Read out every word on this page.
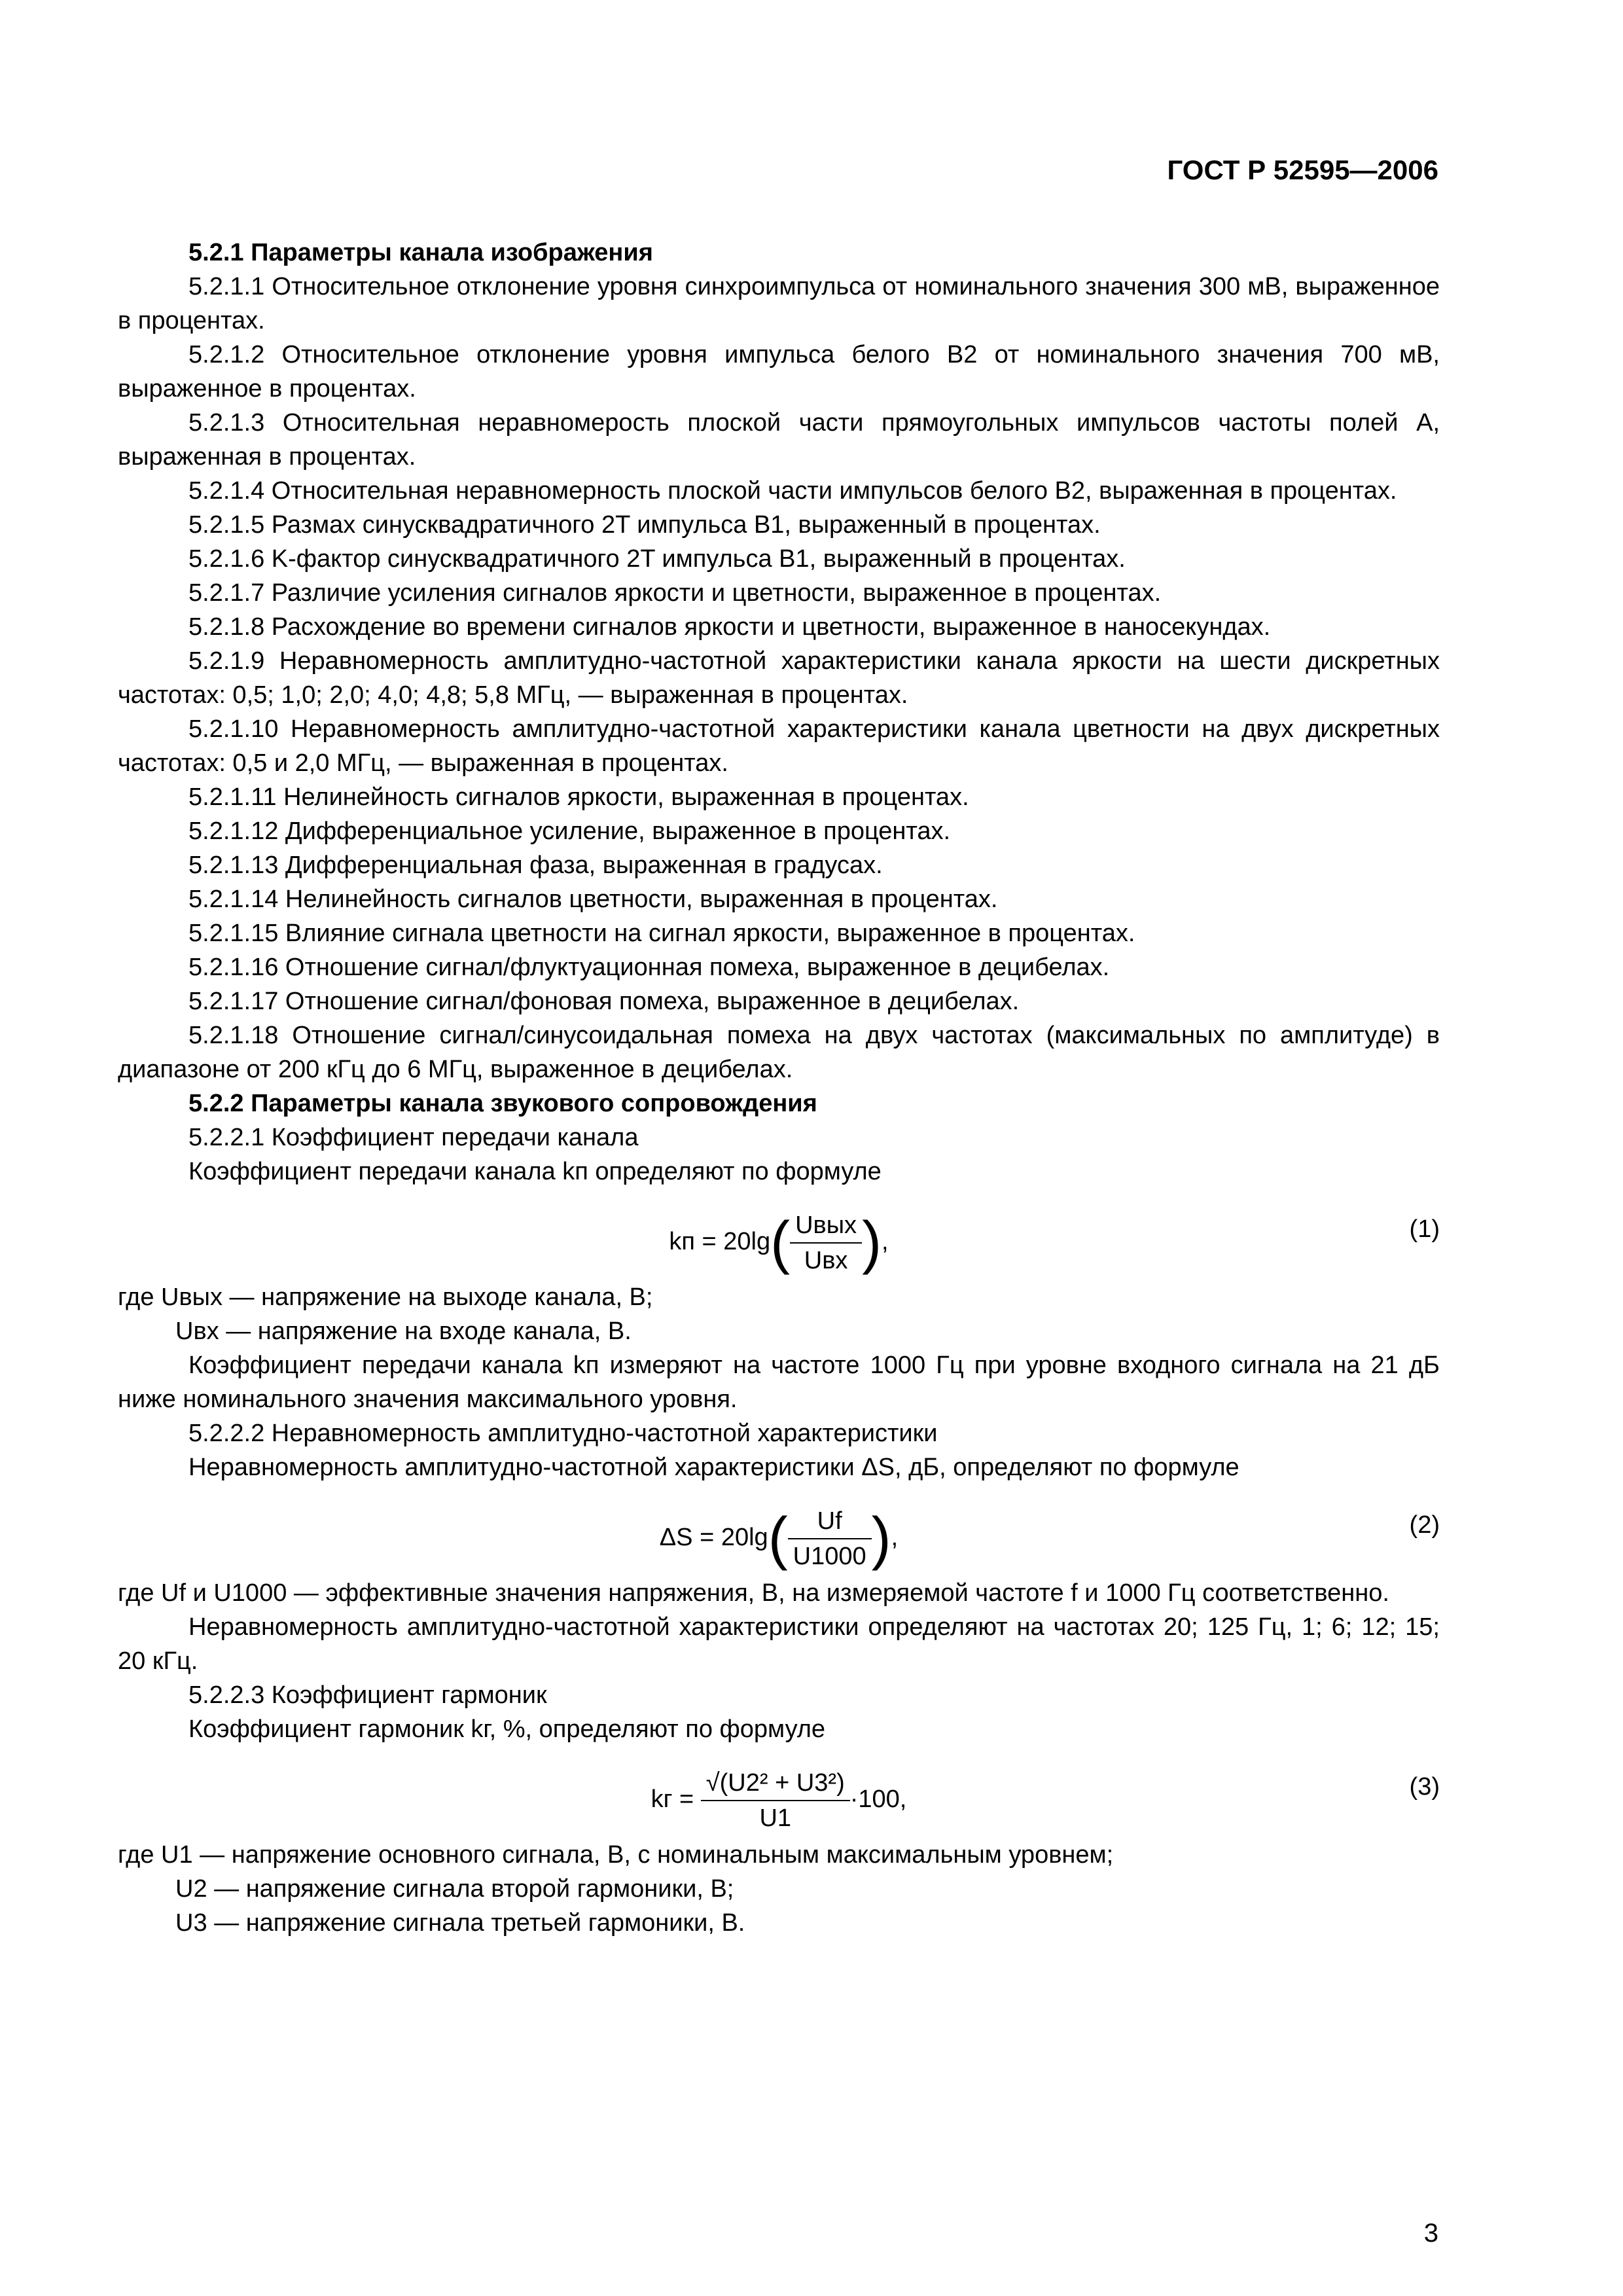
ГОСТ Р 52595—2006

5.2.1 Параметры канала изображения

5.2.1.1 Относительное отклонение уровня синхроимпульса от номинального значения 300 мВ, выраженное в процентах.

5.2.1.2 Относительное отклонение уровня импульса белого B2 от номинального значения 700 мВ, выраженное в процентах.

5.2.1.3 Относительная неравномерость плоской части прямоугольных импульсов частоты полей A, выраженная в процентах.

5.2.1.4 Относительная неравномерность плоской части импульсов белого B2, выраженная в процентах.

5.2.1.5 Размах синусквадратичного 2T импульса B1, выраженный в процентах.

5.2.1.6 K-фактор синусквадратичного 2T импульса B1, выраженный в процентах.

5.2.1.7 Различие усиления сигналов яркости и цветности, выраженное в процентах.

5.2.1.8 Расхождение во времени сигналов яркости и цветности, выраженное в наносекундах.

5.2.1.9 Неравномерность амплитудно-частотной характеристики канала яркости на шести дискретных частотах: 0,5; 1,0; 2,0; 4,0; 4,8; 5,8 МГц, — выраженная в процентах.

5.2.1.10 Неравномерность амплитудно-частотной характеристики канала цветности на двух дискретных частотах: 0,5 и 2,0 МГц, — выраженная в процентах.

5.2.1.11 Нелинейность сигналов яркости, выраженная в процентах.

5.2.1.12 Дифференциальное усиление, выраженное в процентах.

5.2.1.13 Дифференциальная фаза, выраженная в градусах.

5.2.1.14 Нелинейность сигналов цветности, выраженная в процентах.

5.2.1.15 Влияние сигнала цветности на сигнал яркости, выраженное в процентах.

5.2.1.16 Отношение сигнал/флуктуационная помеха, выраженное в децибелах.

5.2.1.17 Отношение сигнал/фоновая помеха, выраженное в децибелах.

5.2.1.18 Отношение сигнал/синусоидальная помеха на двух частотах (максимальных по амплитуде) в диапазоне от 200 кГц до 6 МГц, выраженное в децибелах.

5.2.2 Параметры канала звукового сопровождения

5.2.2.1 Коэффициент передачи канала

Коэффициент передачи канала kп определяют по формуле

kп = $20\lg( \frac{\text{Uвых}}{\text{Uвх}}$ ),	(1)

где Uвых — напряжение на выходе канала, В;

Uвх — напряжение на входе канала, В.

Коэффициент передачи канала kп измеряют на частоте 1000 Гц при уровне входного сигнала на 21 дБ ниже номинального значения максимального уровня.

5.2.2.2 Неравномерность амплитудно-частотной характеристики

Неравномерность амплитудно-частотной характеристики ΔS, дБ, определяют по формуле

$\Delta S = 20\lg( \frac{Uf}{U1000}$ ),	(2)

где Uf и U1000 — эффективные значения напряжения, В, на измеряемой частоте f и 1000 Гц соответственно.

Неравномерность амплитудно-частотной характеристики определяют на частотах 20; 125 Гц, 1; 6; 12; 15; 20 кГц.

5.2.2.3 Коэффициент гармоник

Коэффициент гармоник kг, %, определяют по формуле

kг = $\frac{\text{√(U2² + U3²)}}{U1} \cdot 100$,	(3)

где U1 — напряжение основного сигнала, В, с номинальным максимальным уровнем;

U2 — напряжение сигнала второй гармоники, В;

U3 — напряжение сигнала третьей гармоники, В.

3
